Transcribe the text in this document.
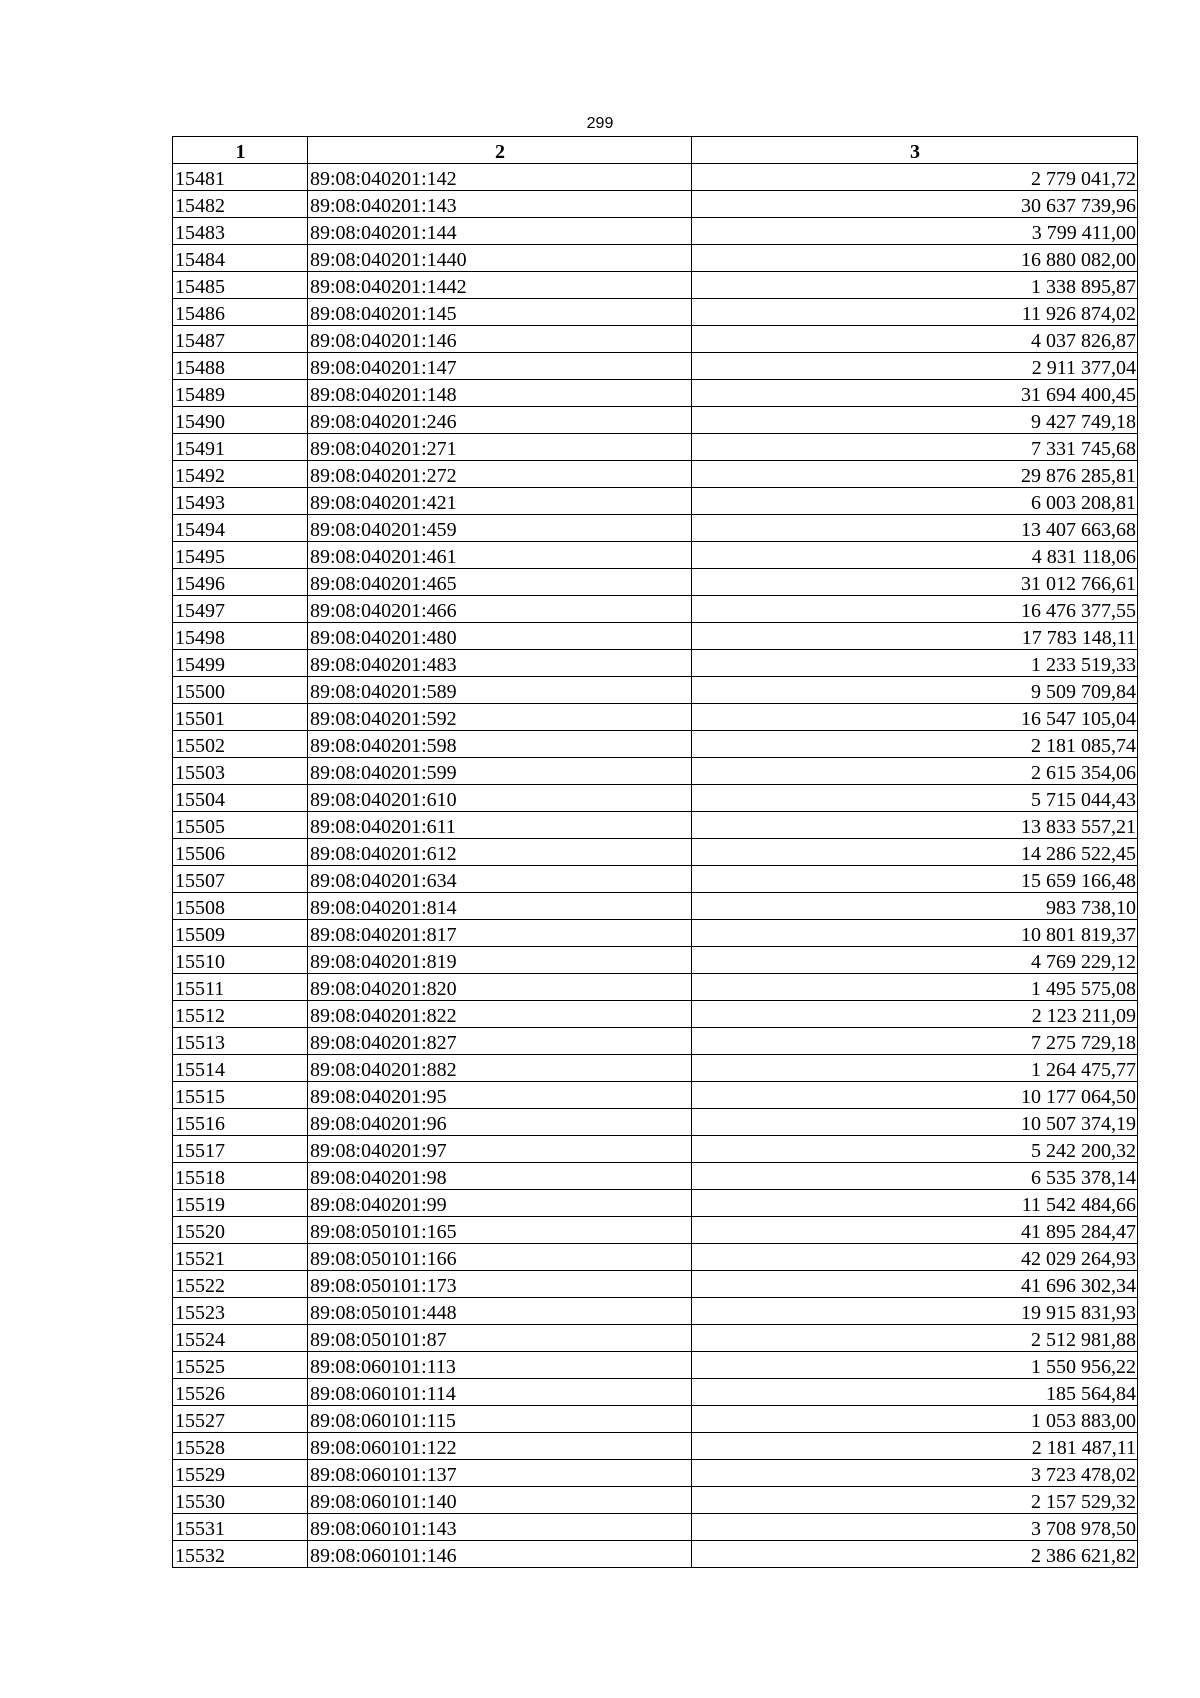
299
1	2	3
15481	89:08:040201:142	2 779 041,72
15482	89:08:040201:143	30 637 739,96
15483	89:08:040201:144	3 799 411,00
15484	89:08:040201:1440	16 880 082,00
15485	89:08:040201:1442	1 338 895,87
15486	89:08:040201:145	11 926 874,02
15487	89:08:040201:146	4 037 826,87
15488	89:08:040201:147	2 911 377,04
15489	89:08:040201:148	31 694 400,45
15490	89:08:040201:246	9 427 749,18
15491	89:08:040201:271	7 331 745,68
15492	89:08:040201:272	29 876 285,81
15493	89:08:040201:421	6 003 208,81
15494	89:08:040201:459	13 407 663,68
15495	89:08:040201:461	4 831 118,06
15496	89:08:040201:465	31 012 766,61
15497	89:08:040201:466	16 476 377,55
15498	89:08:040201:480	17 783 148,11
15499	89:08:040201:483	1 233 519,33
15500	89:08:040201:589	9 509 709,84
15501	89:08:040201:592	16 547 105,04
15502	89:08:040201:598	2 181 085,74
15503	89:08:040201:599	2 615 354,06
15504	89:08:040201:610	5 715 044,43
15505	89:08:040201:611	13 833 557,21
15506	89:08:040201:612	14 286 522,45
15507	89:08:040201:634	15 659 166,48
15508	89:08:040201:814	983 738,10
15509	89:08:040201:817	10 801 819,37
15510	89:08:040201:819	4 769 229,12
15511	89:08:040201:820	1 495 575,08
15512	89:08:040201:822	2 123 211,09
15513	89:08:040201:827	7 275 729,18
15514	89:08:040201:882	1 264 475,77
15515	89:08:040201:95	10 177 064,50
15516	89:08:040201:96	10 507 374,19
15517	89:08:040201:97	5 242 200,32
15518	89:08:040201:98	6 535 378,14
15519	89:08:040201:99	11 542 484,66
15520	89:08:050101:165	41 895 284,47
15521	89:08:050101:166	42 029 264,93
15522	89:08:050101:173	41 696 302,34
15523	89:08:050101:448	19 915 831,93
15524	89:08:050101:87	2 512 981,88
15525	89:08:060101:113	1 550 956,22
15526	89:08:060101:114	185 564,84
15527	89:08:060101:115	1 053 883,00
15528	89:08:060101:122	2 181 487,11
15529	89:08:060101:137	3 723 478,02
15530	89:08:060101:140	2 157 529,32
15531	89:08:060101:143	3 708 978,50
15532	89:08:060101:146	2 386 621,82
